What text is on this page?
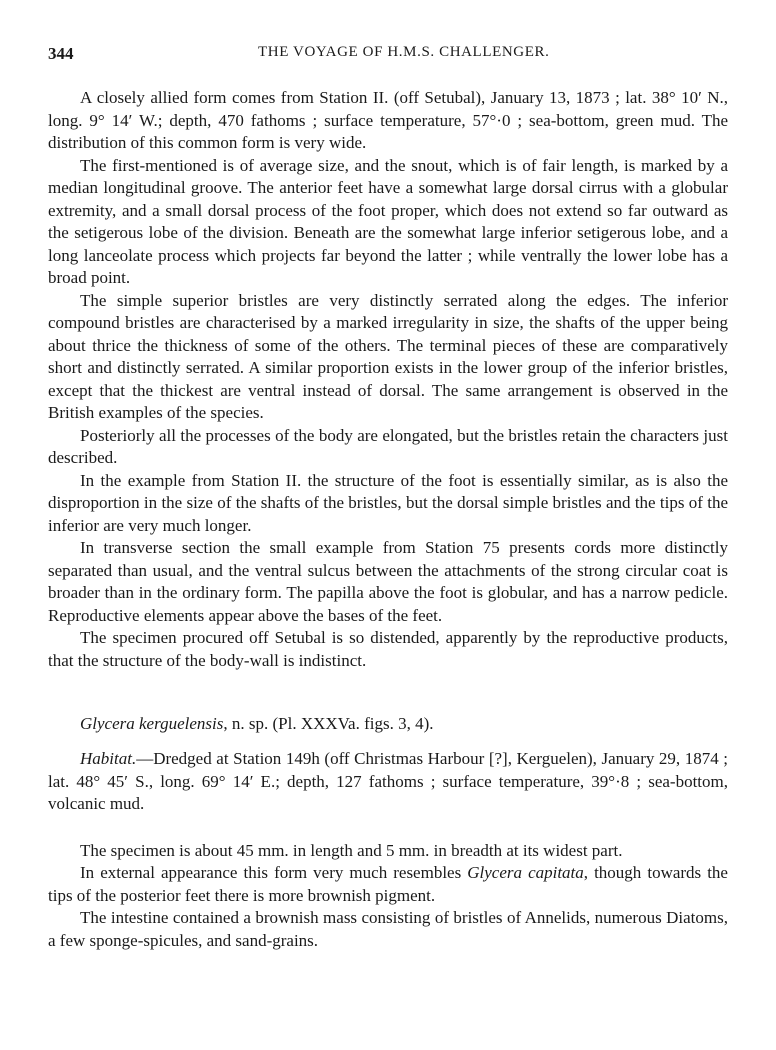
344	THE VOYAGE OF H.M.S. CHALLENGER.

A closely allied form comes from Station II. (off Setubal), January 13, 1873 ; lat. 38° 10′ N., long. 9° 14′ W.; depth, 470 fathoms ; surface temperature, 57°·0 ; sea-bottom, green mud. The distribution of this common form is very wide.

The first-mentioned is of average size, and the snout, which is of fair length, is marked by a median longitudinal groove. The anterior feet have a somewhat large dorsal cirrus with a globular extremity, and a small dorsal process of the foot proper, which does not extend so far outward as the setigerous lobe of the division. Beneath are the somewhat large inferior setigerous lobe, and a long lanceolate process which projects far beyond the latter ; while ventrally the lower lobe has a broad point.

The simple superior bristles are very distinctly serrated along the edges. The inferior compound bristles are characterised by a marked irregularity in size, the shafts of the upper being about thrice the thickness of some of the others. The terminal pieces of these are comparatively short and distinctly serrated. A similar proportion exists in the lower group of the inferior bristles, except that the thickest are ventral instead of dorsal. The same arrangement is observed in the British examples of the species.

Posteriorly all the processes of the body are elongated, but the bristles retain the characters just described.

In the example from Station II. the structure of the foot is essentially similar, as is also the disproportion in the size of the shafts of the bristles, but the dorsal simple bristles and the tips of the inferior are very much longer.

In transverse section the small example from Station 75 presents cords more distinctly separated than usual, and the ventral sulcus between the attachments of the strong circular coat is broader than in the ordinary form. The papilla above the foot is globular, and has a narrow pedicle. Reproductive elements appear above the bases of the feet.

The specimen procured off Setubal is so distended, apparently by the reproductive products, that the structure of the body-wall is indistinct.

Glycera kerguelensis, n. sp. (Pl. XXXVa. figs. 3, 4).

Habitat.—Dredged at Station 149h (off Christmas Harbour [?], Kerguelen), January 29, 1874 ; lat. 48° 45′ S., long. 69° 14′ E.; depth, 127 fathoms ; surface temperature, 39°·8 ; sea-bottom, volcanic mud.

The specimen is about 45 mm. in length and 5 mm. in breadth at its widest part.

In external appearance this form very much resembles Glycera capitata, though towards the tips of the posterior feet there is more brownish pigment.

The intestine contained a brownish mass consisting of bristles of Annelids, numerous Diatoms, a few sponge-spicules, and sand-grains.
